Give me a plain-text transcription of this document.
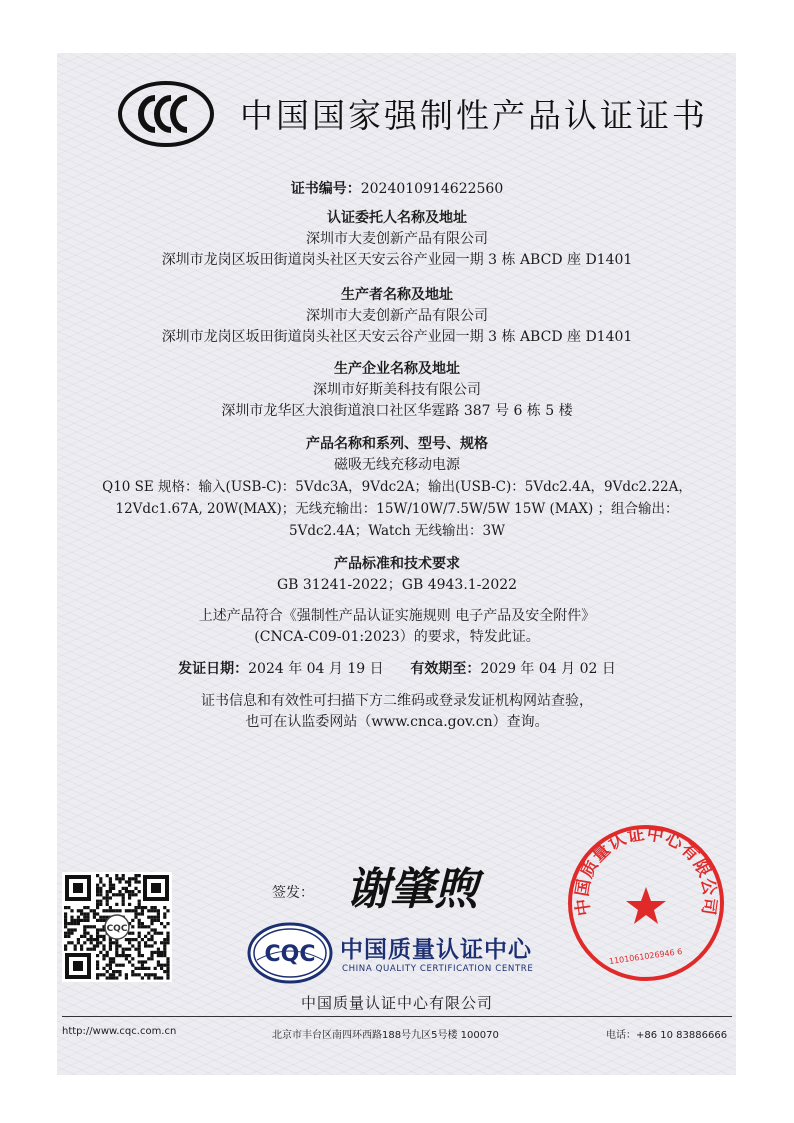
中国国家强制性产品认证证书
证书编号：2024010914622560
认证委托人名称及地址
深圳市大麦创新产品有限公司
深圳市龙岗区坂田街道岗头社区天安云谷产业园一期 3 栋 ABCD 座 D1401
生产者名称及地址
深圳市大麦创新产品有限公司
深圳市龙岗区坂田街道岗头社区天安云谷产业园一期 3 栋 ABCD 座 D1401
生产企业名称及地址
深圳市好斯美科技有限公司
深圳市龙华区大浪街道浪口社区华霆路 387 号 6 栋 5 楼
产品名称和系列、型号、规格
磁吸无线充移动电源
Q10 SE 规格：输入(USB-C)：5Vdc3A，9Vdc2A；输出(USB-C)：5Vdc2.4A，9Vdc2.22A，
12Vdc1.67A, 20W(MAX)；无线充输出：15W/10W/7.5W/5W 15W (MAX) ；组合输出：
5Vdc2.4A；Watch 无线输出：3W
产品标准和技术要求
GB 31241-2022；GB 4943.1-2022
上述产品符合《强制性产品认证实施规则 电子产品及安全附件》
(CNCA-C09-01:2023）的要求，特发此证。
发证日期：2024 年 04 月 19 日 有效期至：2029 年 04 月 02 日
证书信息和有效性可扫描下方二维码或登录发证机构网站查验，
也可在认监委网站（www.cnca.gov.cn）查询。
CQC
签发： 谢肇煦
CQC 中国质量认证中心
CHINA QUALITY CERTIFICATION CENTRE
中国质量认证中心有限公司
1101061026946 6
中国质量认证中心有限公司
http://www.cqc.com.cn	北京市丰台区南四环西路188号九区5号楼 100070	电话：+86 10 83886666
